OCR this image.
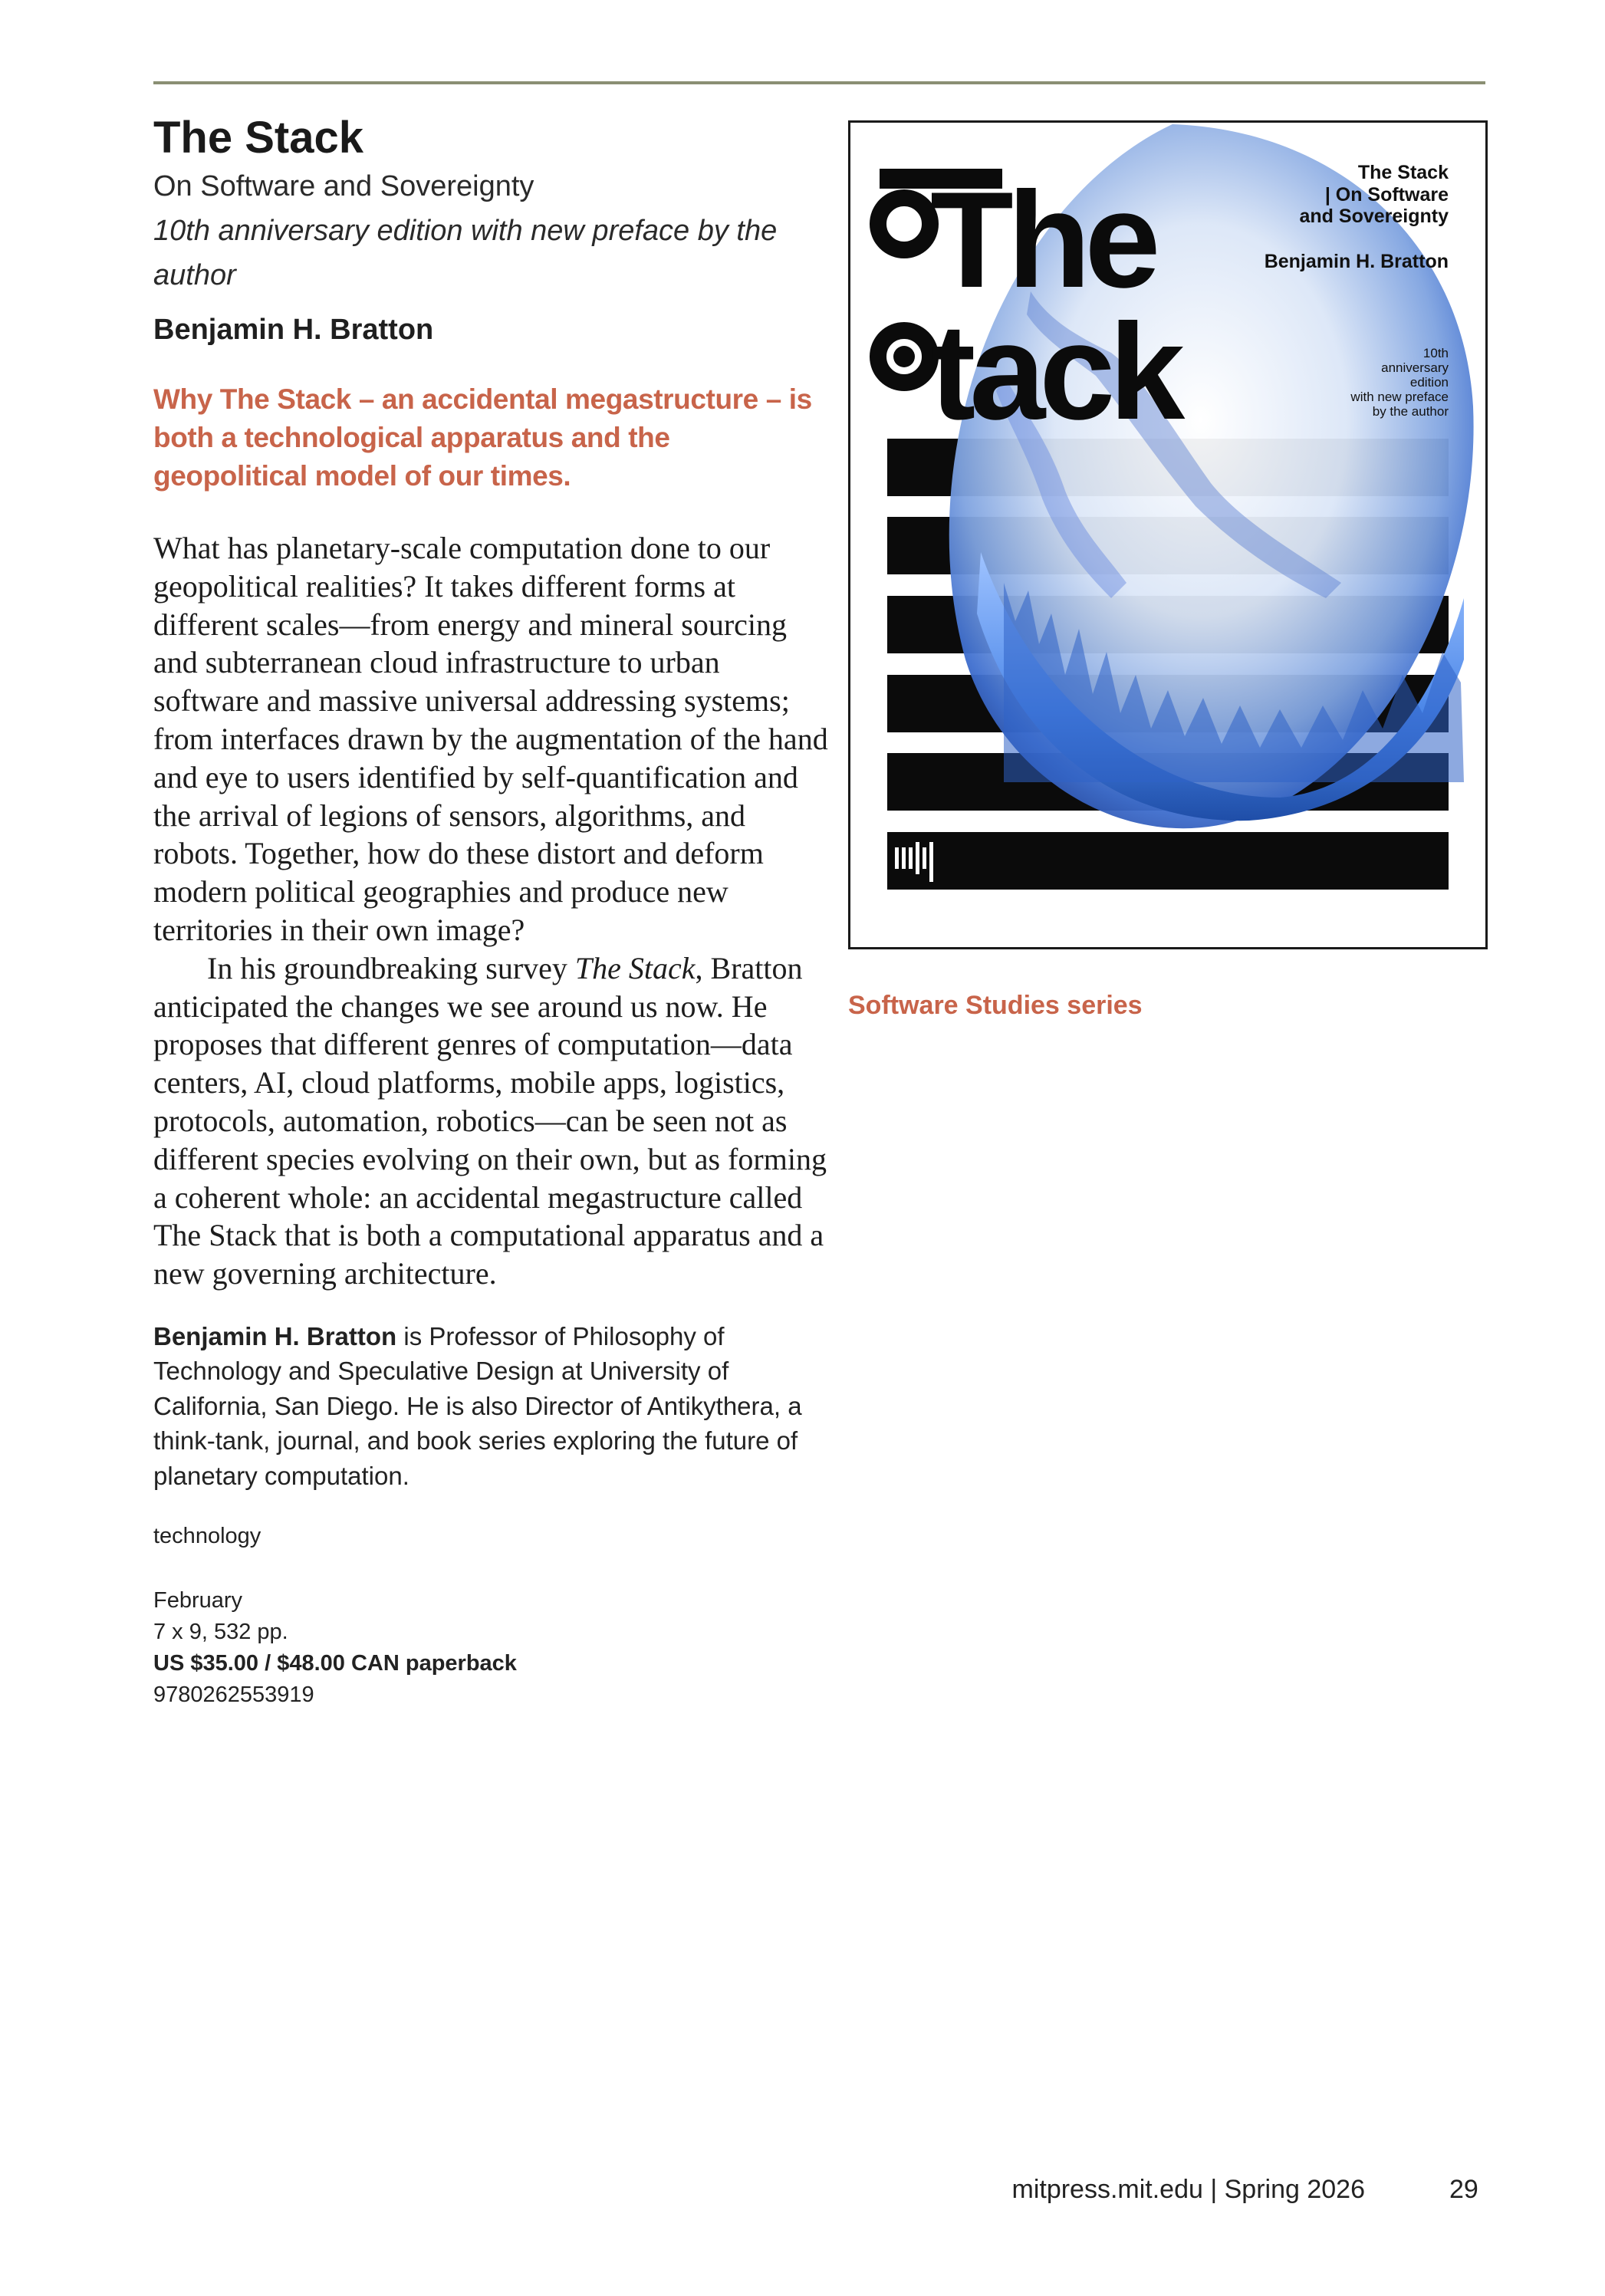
The Stack

On Software and Sovereignty

10th anniversary edition with new preface by the author

Benjamin H. Bratton

Why The Stack – an accidental megastructure – is both a technological apparatus and the geopolitical model of our times.

What has planetary-scale computation done to our geopolitical realities? It takes different forms at different scales—from energy and mineral sourcing and subterranean cloud infrastructure to urban software and massive universal addressing systems; from interfaces drawn by the augmentation of the hand and eye to users identified by self-quantification and the arrival of legions of sensors, algorithms, and robots. Together, how do these distort and deform modern political geographies and produce new territories in their own image?

In his groundbreaking survey The Stack, Bratton anticipated the changes we see around us now. He proposes that different genres of computation—data centers, AI, cloud platforms, mobile apps, logistics, protocols, automation, robotics—can be seen not as different species evolving on their own, but as forming a coherent whole: an accidental megastructure called The Stack that is both a computational apparatus and a new governing architecture.

Benjamin H. Bratton is Professor of Philosophy of Technology and Speculative Design at University of California, San Diego. He is also Director of Antikythera, a think-tank, journal, and book series exploring the future of planetary computation.
technology
February
7 x 9, 532 pp.
US $35.00 / $48.00 CAN paperback
9780262553919
The
tack
The Stack
| On Software
and Sovereignty
Benjamin H. Bratton
10th
anniversary
edition
with new preface
by the author
Software Studies series
mitpress.mit.edu | Spring 2026	29
